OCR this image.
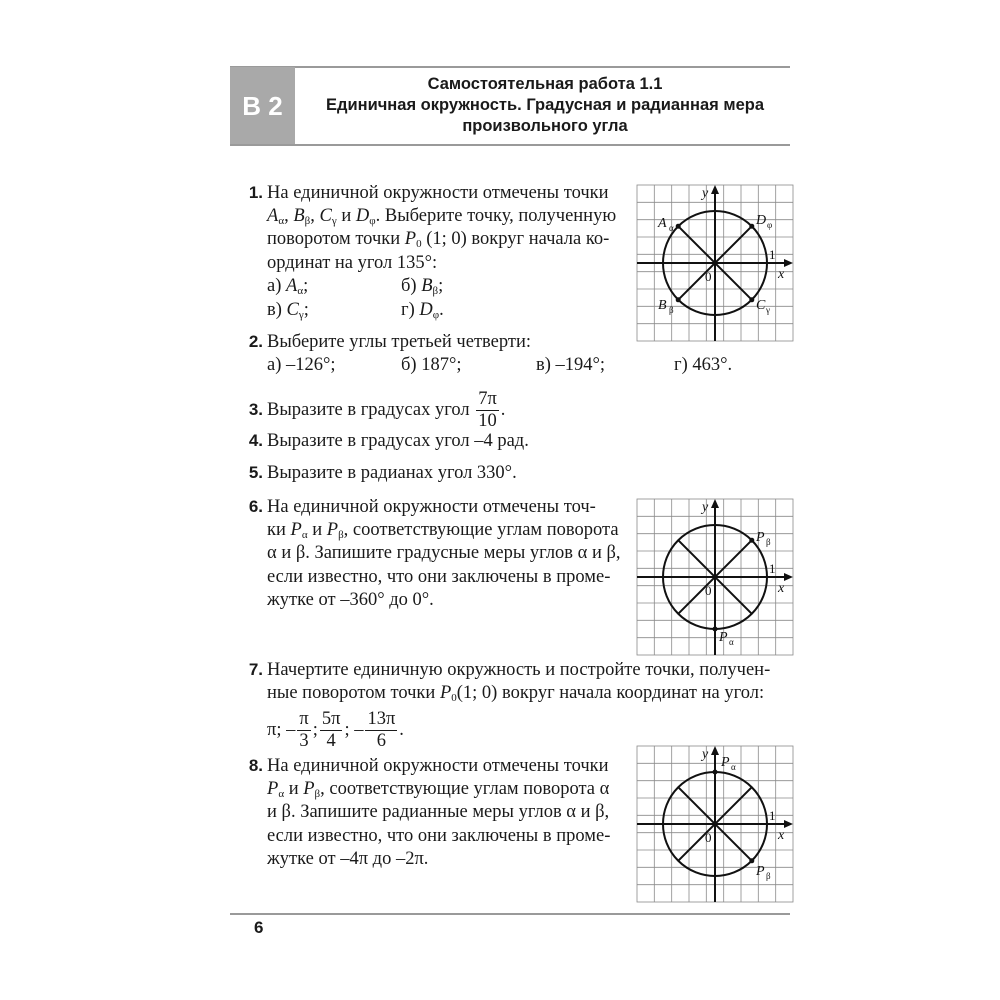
В 2
Самостоятельная работа 1.1
Единичная окружность. Градусная и радианная мера
произвольного угла
1. На единичной окружности отмечены точки
$A_\alpha$, $B_\beta$, $C_\gamma$ и $D_\varphi$. Выберите точку, полученную
поворотом точки $P_0$ (1; 0) вокруг начала ко-
ординат на угол 135°:
а) $A_\alpha$;	б) $B_\beta$;
в) $C_\gamma$;	г) $D_\varphi$.
2. Выберите углы третьей четверти:
а) –126°;	б) 187°;	в) –194°;	г) 463°.
3. Выразите в градусах угол $\frac{7\pi}{10}$ .
4. Выразите в градусах угол –4 рад.
5. Выразите в радианах угол 330°.
6. На единичной окружности отмечены точ-
ки $P_\alpha$ и $P_\beta$, соответствующие углам поворота
α и β. Запишите градусные меры углов α и β,
если известно, что они заключены в проме-
жутке от –360° до 0°.
7. Начертите единичную окружность и постройте точки, получен-
ные поворотом точки $P_0(1$; 0) вокруг начала координат на угол:
π; – $\frac{\pi}{3}$ ; $\frac{5\pi}{4}$ ; – $\frac{13\pi}{6}$ .
8. На единичной окружности отмечены точки
$P_\alpha$ и $P_\beta$, соответствующие углам поворота α
и β. Запишите радианные меры углов α и β,
если известно, что они заключены в проме-
жутке от –4π до –2π.
y
x
A	D
B	C
α	φ
β	γ
1
0
y
x
P
P
β
α
1
0
y
x
P
P
α
β
1
0
6
